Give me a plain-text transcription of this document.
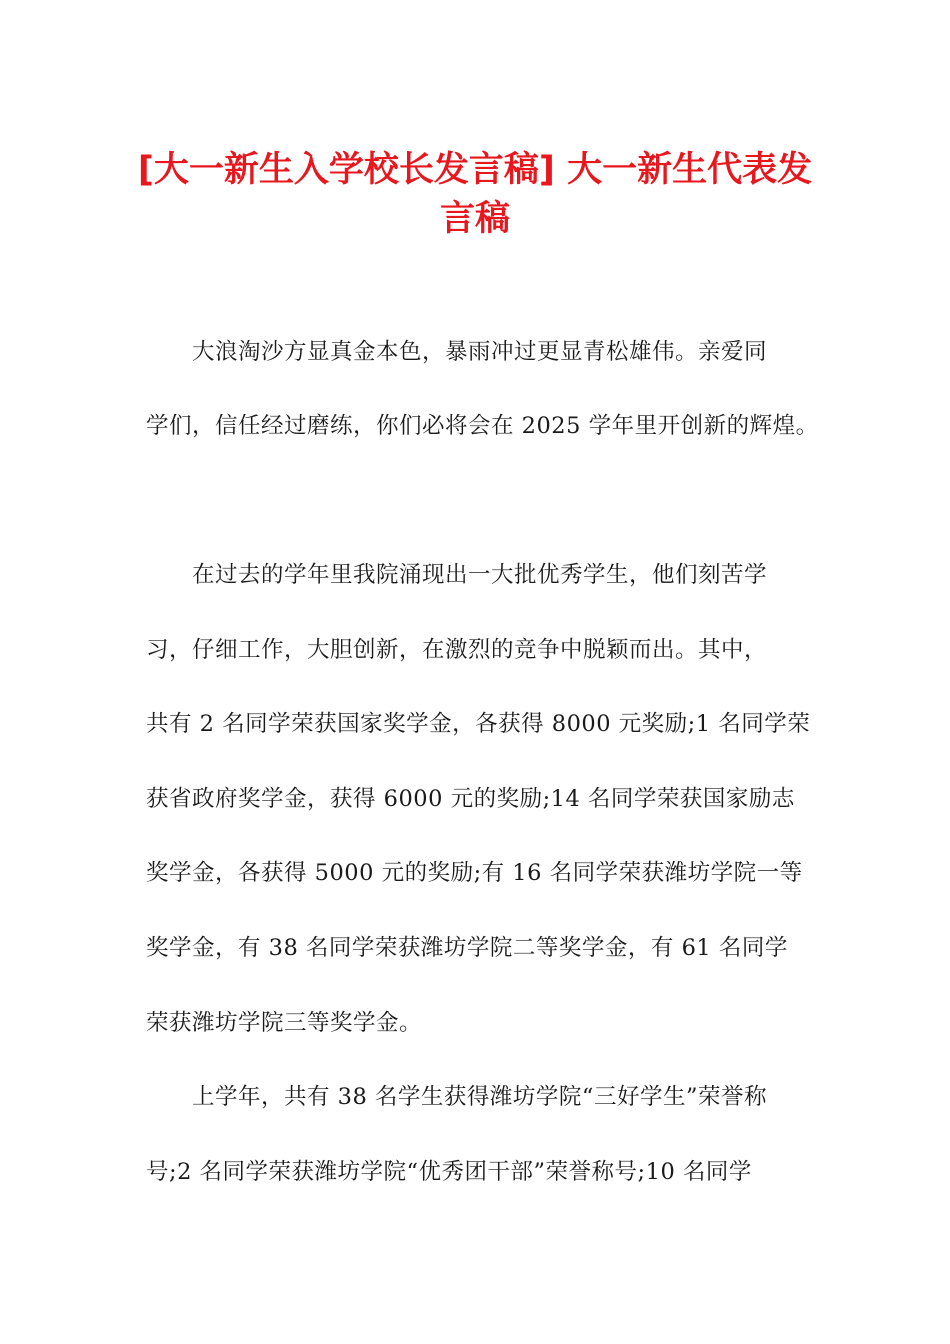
[大一新生入学校长发言稿] 大一新生代表发
言稿
大浪淘沙方显真金本色，暴雨冲过更显青松雄伟。亲爱同
学们，信任经过磨练，你们必将会在 2025 学年里开创新的辉煌。
在过去的学年里我院涌现出一大批优秀学生，他们刻苦学
习，仔细工作，大胆创新，在激烈的竞争中脱颖而出。其中，
共有 2 名同学荣获国家奖学金，各获得 8000 元奖励;1 名同学荣
获省政府奖学金，获得 6000 元的奖励;14 名同学荣获国家励志
奖学金，各获得 5000 元的奖励;有 16 名同学荣获潍坊学院一等
奖学金，有 38 名同学荣获潍坊学院二等奖学金，有 61 名同学
荣获潍坊学院三等奖学金。
上学年，共有 38 名学生获得潍坊学院“三好学生”荣誉称
号;2 名同学荣获潍坊学院“优秀团干部”荣誉称号;10 名同学
